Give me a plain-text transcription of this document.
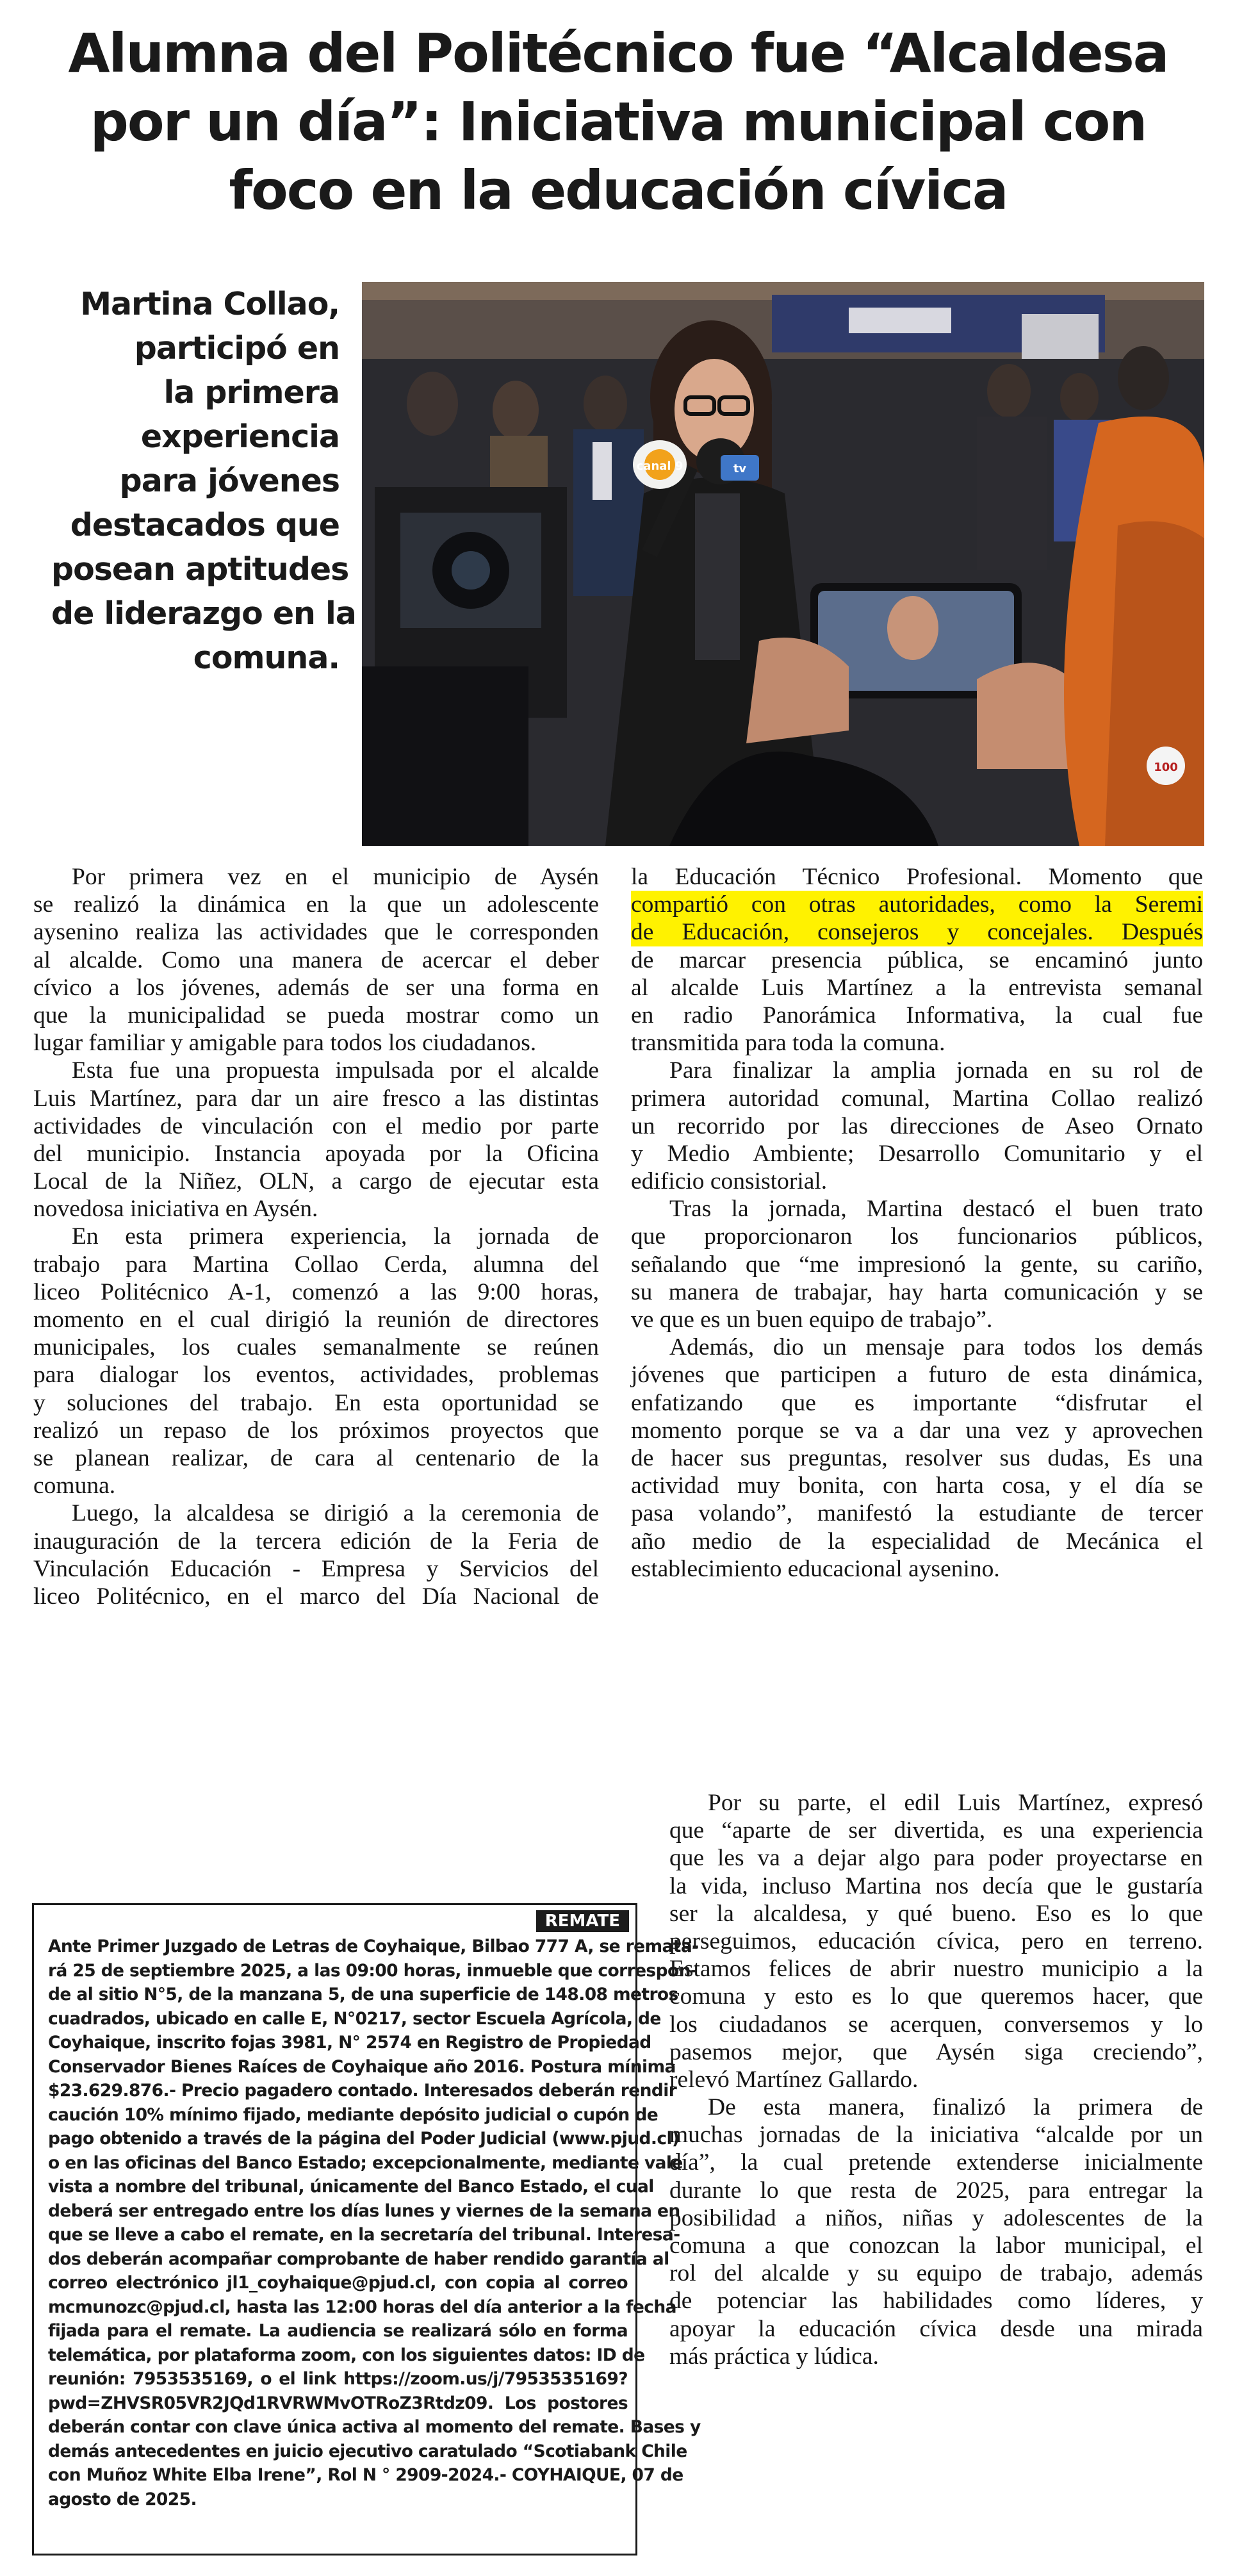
Alumna del Politécnico fue “Alcaldesa
por un día”: Iniciativa municipal con
foco en la educación cívica

Martina Collao,
participó en
la primera
experiencia
para jóvenes
destacados que
posean aptitudes
de liderazgo en la
comuna.

canal 9	tv
100

Por primera vez en el municipio de Aysén
se realizó la dinámica en la que un adolescente
aysenino realiza las actividades que le corresponden
al alcalde. Como una manera de acercar el deber
cívico a los jóvenes, además de ser una forma en
que la municipalidad se pueda mostrar como un
lugar familiar y amigable para todos los ciudadanos.

Esta fue una propuesta impulsada por el alcalde
Luis Martínez, para dar un aire fresco a las distintas
actividades de vinculación con el medio por parte
del municipio. Instancia apoyada por la Oficina
Local de la Niñez, OLN, a cargo de ejecutar esta
novedosa iniciativa en Aysén.

En esta primera experiencia, la jornada de
trabajo para Martina Collao Cerda, alumna del
liceo Politécnico A-1, comenzó a las 9:00 horas,
momento en el cual dirigió la reunión de directores
municipales, los cuales semanalmente se reúnen
para dialogar los eventos, actividades, problemas
y soluciones del trabajo. En esta oportunidad se
realizó un repaso de los próximos proyectos que
se planean realizar, de cara al centenario de la
comuna.

Luego, la alcaldesa se dirigió a la ceremonia de
inauguración de la tercera edición de la Feria de
Vinculación Educación - Empresa y Servicios del
liceo Politécnico, en el marco del Día Nacional de

la Educación Técnico Profesional. Momento que
compartió con otras autoridades, como la Seremi
de Educación, consejeros y concejales. Después
de marcar presencia pública, se encaminó junto
al alcalde Luis Martínez a la entrevista semanal
en radio Panorámica Informativa, la cual fue
transmitida para toda la comuna.

Para finalizar la amplia jornada en su rol de
primera autoridad comunal, Martina Collao realizó
un recorrido por las direcciones de Aseo Ornato
y Medio Ambiente; Desarrollo Comunitario y el
edificio consistorial.

Tras la jornada, Martina destacó el buen trato
que proporcionaron los funcionarios públicos,
señalando que “me impresionó la gente, su cariño,
su manera de trabajar, hay harta comunicación y se
ve que es un buen equipo de trabajo”.

Además, dio un mensaje para todos los demás
jóvenes que participen a futuro de esta dinámica,
enfatizando que es importante “disfrutar el
momento porque se va a dar una vez y aprovechen
de hacer sus preguntas, resolver sus dudas, Es una
actividad muy bonita, con harta cosa, y el día se
pasa volando”, manifestó la estudiante de tercer
año medio de la especialidad de Mecánica el
establecimiento educacional aysenino.

Por su parte, el edil Luis Martínez, expresó
que “aparte de ser divertida, es una experiencia
que les va a dejar algo para poder proyectarse en
la vida, incluso Martina nos decía que le gustaría
ser la alcaldesa, y qué bueno. Eso es lo que
perseguimos, educación cívica, pero en terreno.
Estamos felices de abrir nuestro municipio a la
comuna y esto es lo que queremos hacer, que
los ciudadanos se acerquen, conversemos y lo
pasemos mejor, que Aysén siga creciendo”,
relevó Martínez Gallardo.

De esta manera, finalizó la primera de
muchas jornadas de la iniciativa “alcalde por un
día”, la cual pretende extenderse inicialmente
durante lo que resta de 2025, para entregar la
posibilidad a niños, niñas y adolescentes de la
comuna a que conozcan la labor municipal, el
rol del alcalde y su equipo de trabajo, además
de potenciar las habilidades como líderes, y
apoyar la educación cívica desde una mirada
más práctica y lúdica.

REMATE
Ante Primer Juzgado de Letras de Coyhaique, Bilbao 777 A, se remata-
rá 25 de septiembre 2025, a las 09:00 horas, inmueble que correspon-
de al sitio N°5, de la manzana 5, de una superficie de 148.08 metros
cuadrados, ubicado en calle E, N°0217, sector Escuela Agrícola, de
Coyhaique, inscrito fojas 3981, N° 2574 en Registro de Propiedad
Conservador Bienes Raíces de Coyhaique año 2016. Postura mínima
$23.629.876.- Precio pagadero contado. Interesados deberán rendir
caución 10% mínimo fijado, mediante depósito judicial o cupón de
pago obtenido a través de la página del Poder Judicial (www.pjud.cl)
o en las oficinas del Banco Estado; excepcionalmente, mediante vale
vista a nombre del tribunal, únicamente del Banco Estado, el cual
deberá ser entregado entre los días lunes y viernes de la semana en
que se lleve a cabo el remate, en la secretaría del tribunal. Interesa-
dos deberán acompañar comprobante de haber rendido garantía al
correo electrónico jl1_coyhaique@pjud.cl, con copia al correo
mcmunozc@pjud.cl, hasta las 12:00 horas del día anterior a la fecha
fijada para el remate. La audiencia se realizará sólo en forma
telemática, por plataforma zoom, con los siguientes datos: ID de
reunión: 7953535169, o el link https://zoom.us/j/7953535169?
pwd=ZHVSR05VR2JQd1RVRWMvOTRoZ3Rtdz09. Los postores
deberán contar con clave única activa al momento del remate. Bases y
demás antecedentes en juicio ejecutivo caratulado “Scotiabank Chile
con Muñoz White Elba Irene”, Rol N ° 2909-2024.- COYHAIQUE, 07 de
agosto de 2025.
